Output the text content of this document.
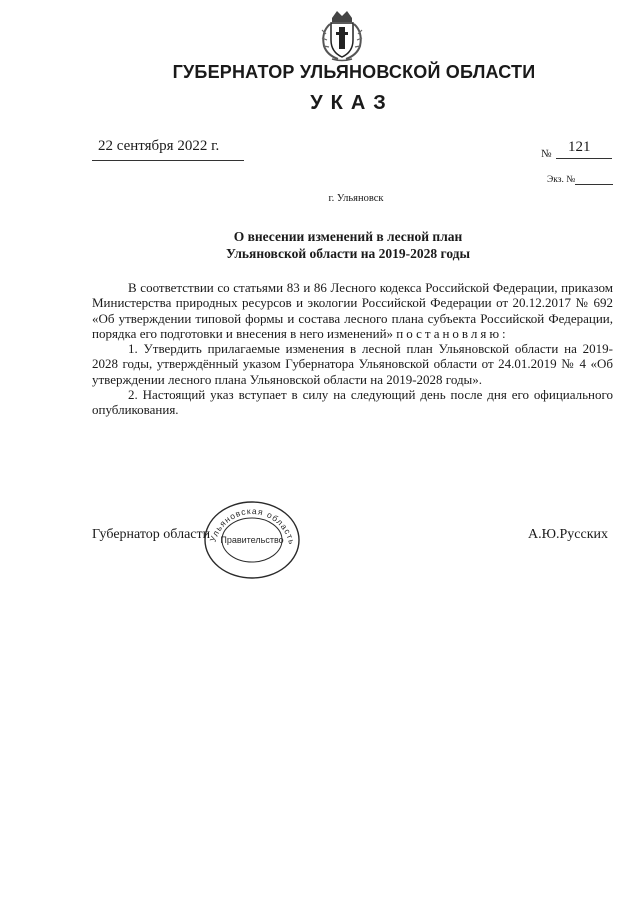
ГУБЕРНАТОР УЛЬЯНОВСКОЙ ОБЛАСТИ
УКАЗ
22 сентября 2022 г.	№ 121
Экз. №
г. Ульяновск
О внесении изменений в лесной план
Ульяновской области на 2019-2028 годы

В соответствии со статьями 83 и 86 Лесного кодекса Российской Федерации, приказом Министерства природных ресурсов и экологии Российской Федерации от 20.12.2017 № 692 «Об утверждении типовой формы и состава лесного плана субъекта Российской Федерации, порядка его подготовки и внесения в него изменений» постановляю:

1. Утвердить прилагаемые изменения в лесной план Ульяновской области на 2019-2028 годы, утверждённый указом Губернатора Ульяновской области от 24.01.2019 № 4 «Об утверждении лесного плана Ульяновской области на 2019-2028 годы».

2. Настоящий указ вступает в силу на следующий день после дня его официального опубликования.

Губернатор области	А.Ю.Русских
Ульяновская область
Правительство
